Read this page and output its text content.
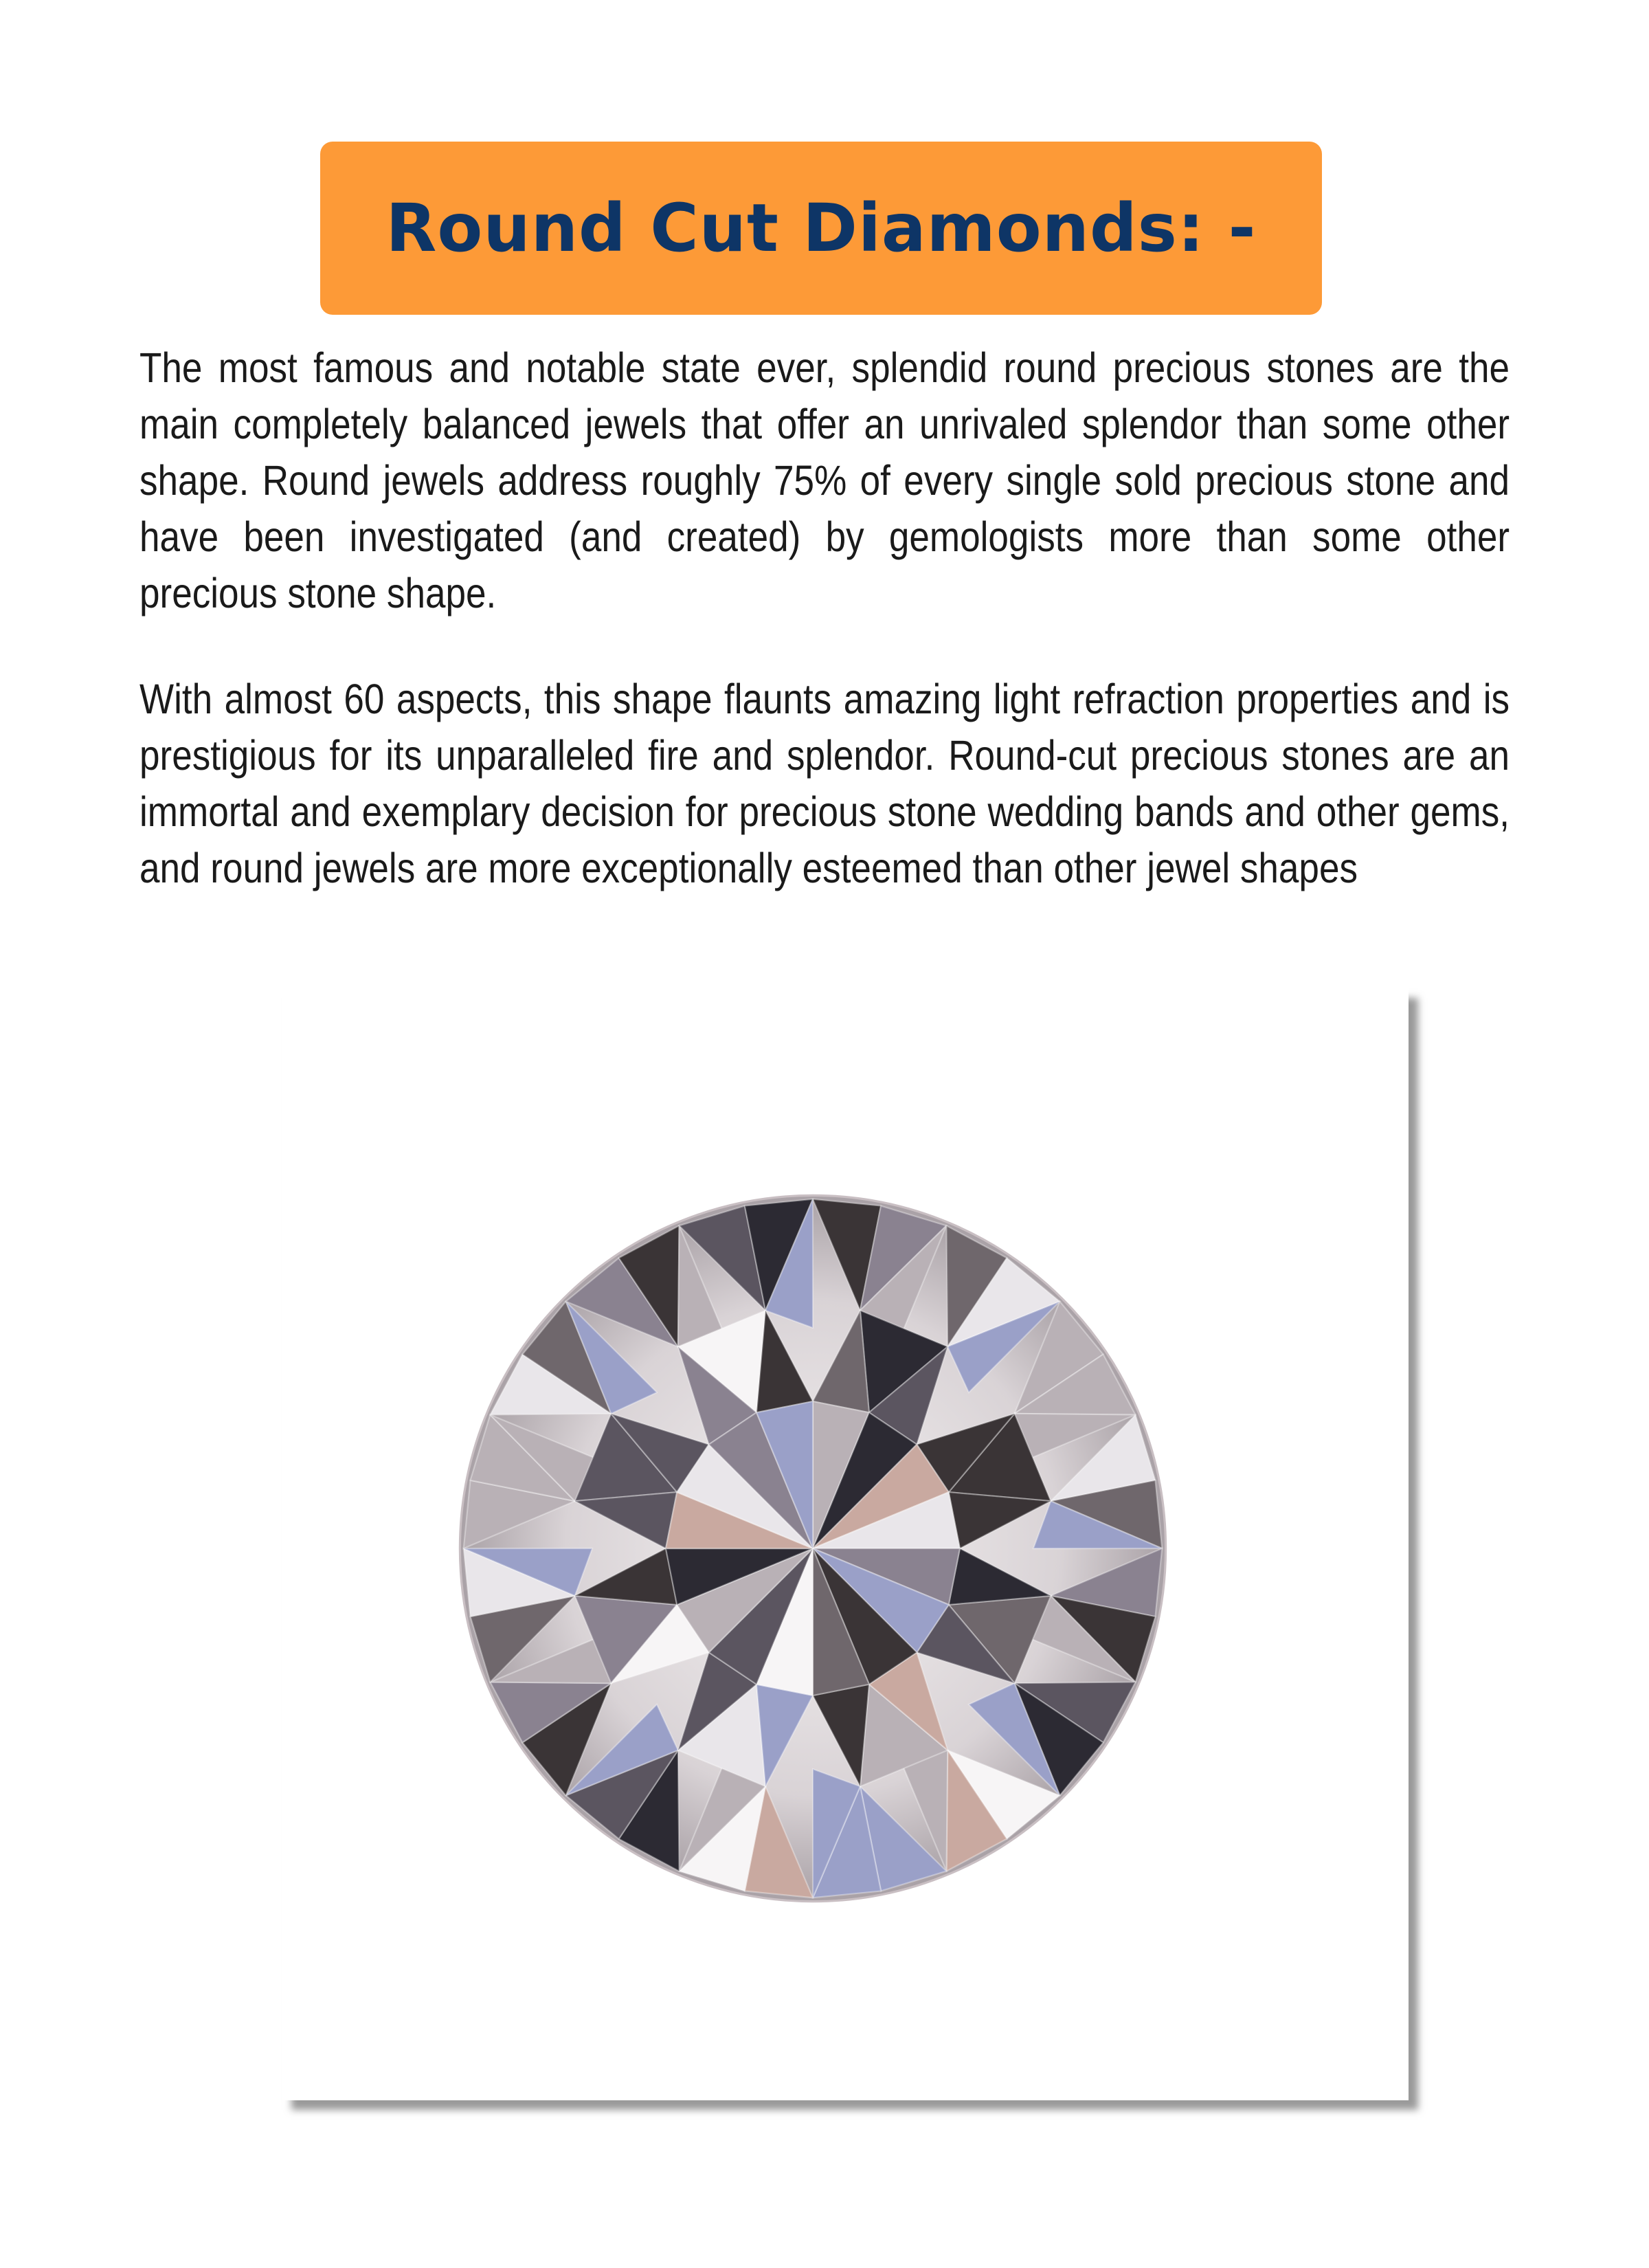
Round Cut Diamonds: -

The most famous and notable state ever, splendid round precious stones are the main completely balanced jewels that offer an unrivaled splendor than some other shape. Round jewels address roughly 75% of every single sold precious stone and have been investigated (and created) by gemologists more than some other precious stone shape.

With almost 60 aspects, this shape flaunts amazing light refraction properties and is prestigious for its unparalleled fire and splendor. Round-cut precious stones are an immortal and exemplary decision for precious stone wedding bands and other gems, and round jewels are more exceptionally esteemed than other jewel shapes
